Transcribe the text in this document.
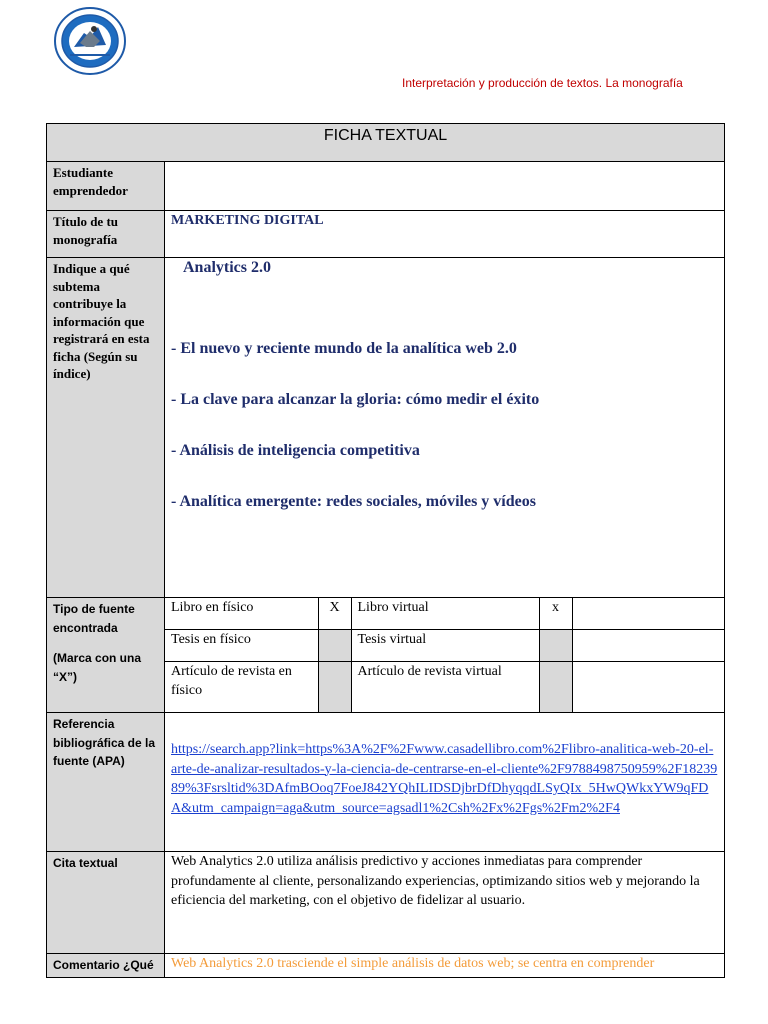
Interpretación y producción de textos. La monografía
FICHA TEXTUAL
Estudiante emprendedor	
Título de tu monografía	MARKETING DIGITAL
Indique a qué subtema contribuye la información que registrará en esta ficha (Según su índice)	
Analytics 2.0
- El nuevo y reciente mundo de la analítica web 2.0
- La clave para alcanzar la gloria: cómo medir el éxito
- Análisis de inteligencia competitiva
- Analítica emergente: redes sociales, móviles y vídeos

Tipo de fuente encontrada
(Marca con una “X”)

Libro en físico	X	Libro virtual	x	
Tesis en físico		Tesis virtual		
Artículo de revista en físico		Artículo de revista virtual		

Referencia bibliográfica de la fuente (APA)	https://search.app?link=https%3A%2F%2Fwww.casadellibro.com%2Flibro-analitica-web-20-el-arte-de-analizar-resultados-y-la-ciencia-de-centrarse-en-el-cliente%2F9788498750959%2F1823989%3Fsrsltid%3DAfmBOoq7FoeJ842YQhILIDSDjbrDfDhyqqdLSyQIx_5HwQWkxYW9qFDA&utm_campaign=aga&utm_source=agsadl1%2Csh%2Fx%2Fgs%2Fm2%2F4
Cita textual	Web Analytics 2.0 utiliza análisis predictivo y acciones inmediatas para comprender profundamente al cliente, personalizando experiencias, optimizando sitios web y mejorando la eficiencia del marketing, con el objetivo de fidelizar al usuario.
Comentario ¿Qué	Web Analytics 2.0 trasciende el simple análisis de datos web; se centra en comprender
